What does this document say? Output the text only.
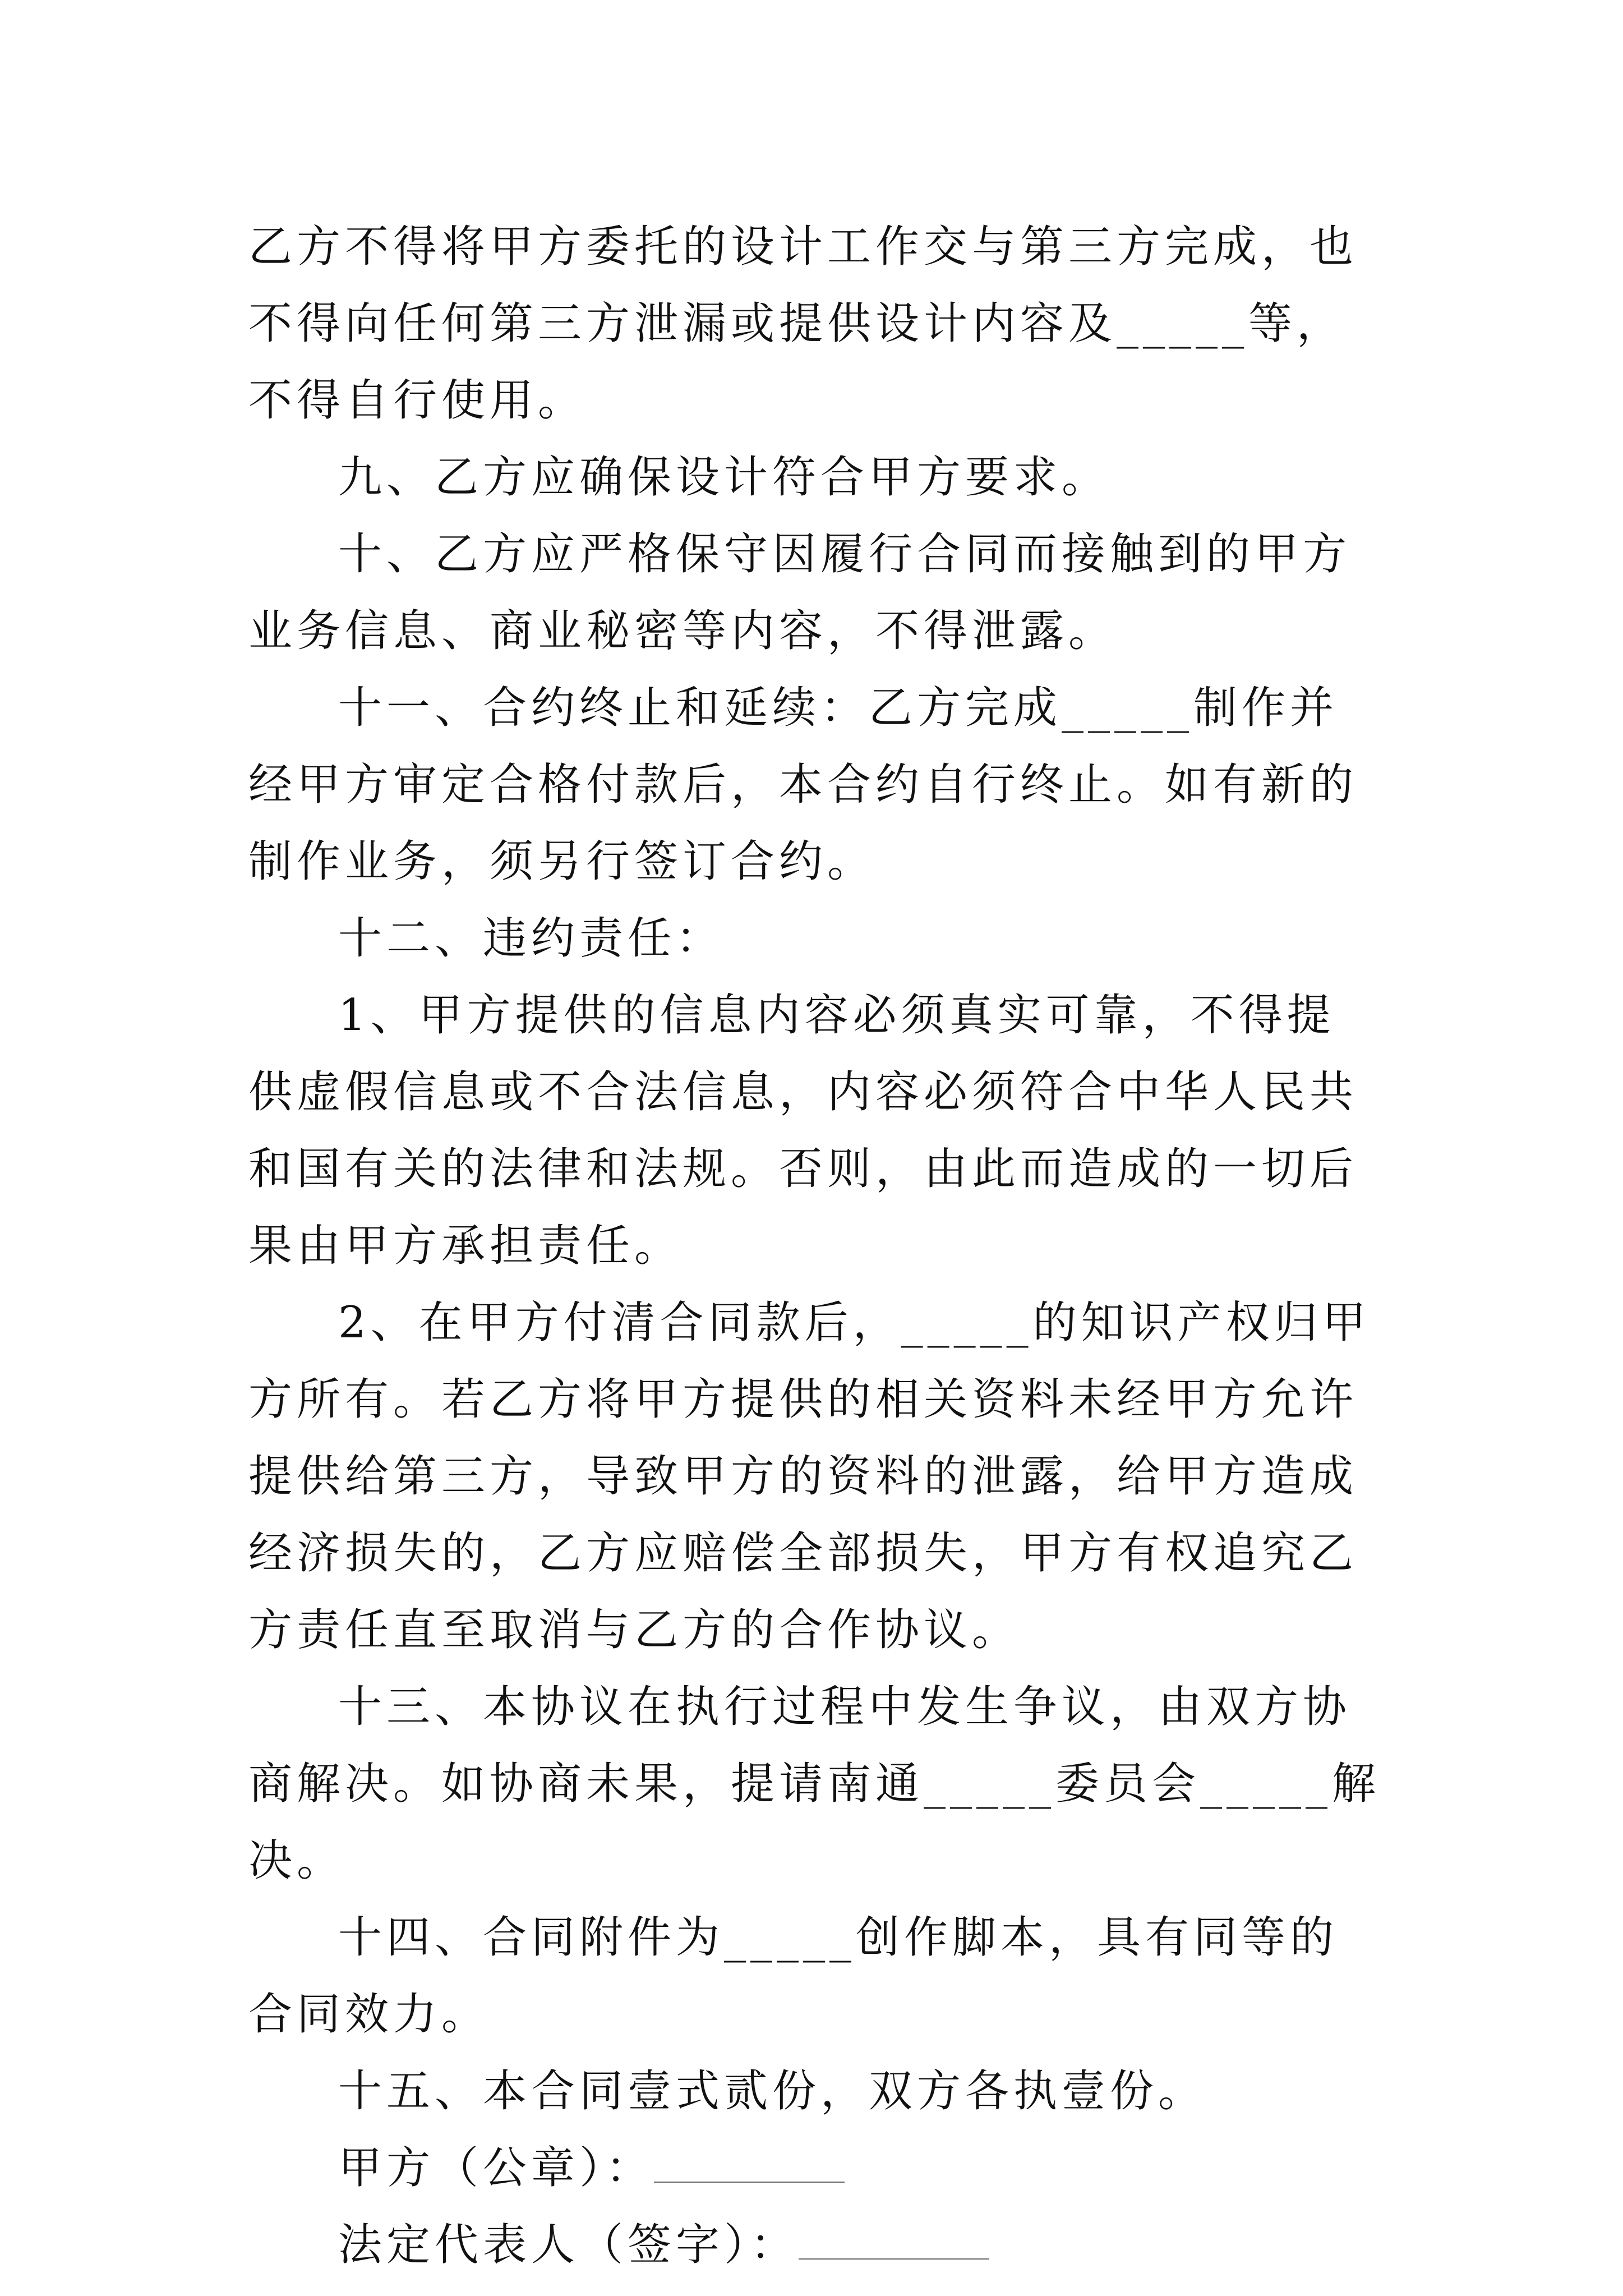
乙方不得将甲方委托的设计工作交与第三方完成，也不得向任何第三方泄漏或提供设计内容及_____等，不得自行使用。

九、乙方应确保设计符合甲方要求。

十、乙方应严格保守因履行合同而接触到的甲方业务信息、商业秘密等内容，不得泄露。

十一、合约终止和延续：乙方完成_____制作并经甲方审定合格付款后，本合约自行终止。如有新的制作业务，须另行签订合约。

十二、违约责任：

1、甲方提供的信息内容必须真实可靠，不得提供虚假信息或不合法信息，内容必须符合中华人民共和国有关的法律和法规。否则，由此而造成的一切后果由甲方承担责任。

2、在甲方付清合同款后，_____的知识产权归甲方所有。若乙方将甲方提供的相关资料未经甲方允许提供给第三方，导致甲方的资料的泄露，给甲方造成经济损失的，乙方应赔偿全部损失，甲方有权追究乙方责任直至取消与乙方的合作协议。

十三、本协议在执行过程中发生争议，由双方协商解决。如协商未果，提请南通_____委员会_____解决。

十四、合同附件为_____创作脚本，具有同等的合同效力。

十五、本合同壹式贰份，双方各执壹份。

甲方（公章）：
法定代表人（签字）：
